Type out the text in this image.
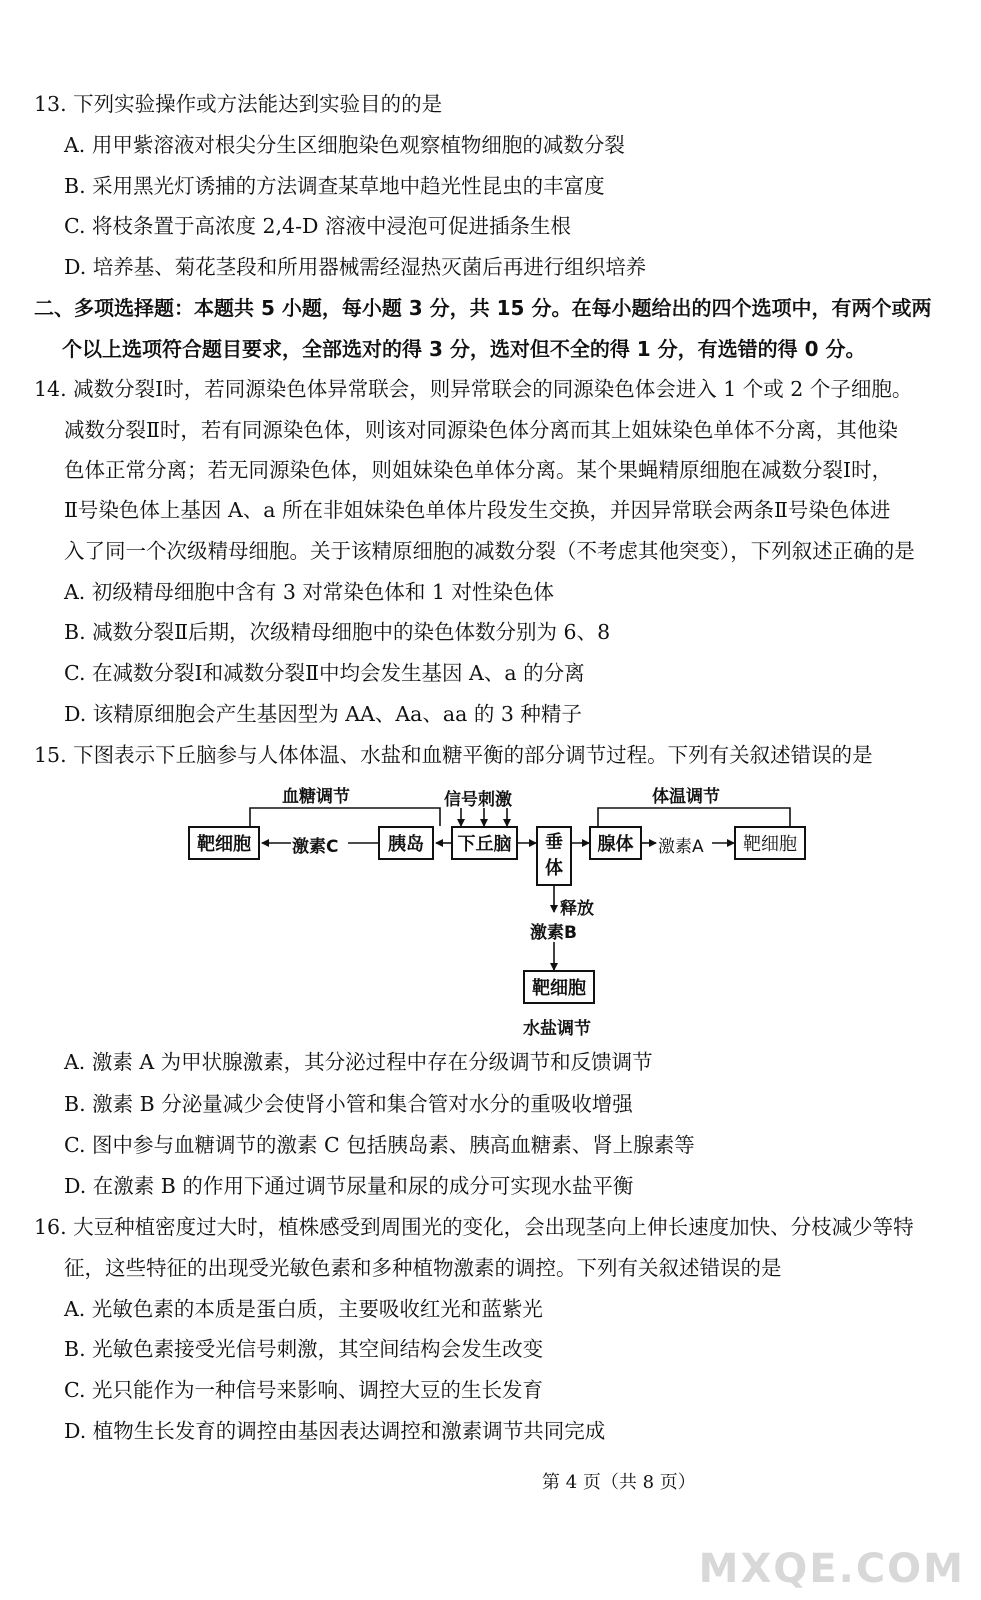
13. 下列实验操作或方法能达到实验目的的是
A. 用甲紫溶液对根尖分生区细胞染色观察植物细胞的减数分裂
B. 采用黑光灯诱捕的方法调查某草地中趋光性昆虫的丰富度
C. 将枝条置于高浓度 2,4-D 溶液中浸泡可促进插条生根
D. 培养基、菊花茎段和所用器械需经湿热灭菌后再进行组织培养
二、多项选择题：本题共 5 小题，每小题 3 分，共 15 分。在每小题给出的四个选项中，有两个或两
个以上选项符合题目要求，全部选对的得 3 分，选对但不全的得 1 分，有选错的得 0 分。
14. 减数分裂Ⅰ时，若同源染色体异常联会，则异常联会的同源染色体会进入 1 个或 2 个子细胞。
减数分裂Ⅱ时，若有同源染色体，则该对同源染色体分离而其上姐妹染色单体不分离，其他染
色体正常分离；若无同源染色体，则姐妹染色单体分离。某个果蝇精原细胞在减数分裂Ⅰ时，
Ⅱ号染色体上基因 A、a 所在非姐妹染色单体片段发生交换，并因异常联会两条Ⅱ号染色体进
入了同一个次级精母细胞。关于该精原细胞的减数分裂（不考虑其他突变），下列叙述正确的是
A. 初级精母细胞中含有 3 对常染色体和 1 对性染色体
B. 减数分裂Ⅱ后期，次级精母细胞中的染色体数分别为 6、8
C. 在减数分裂Ⅰ和减数分裂Ⅱ中均会发生基因 A、a 的分离
D. 该精原细胞会产生基因型为 AA、Aa、aa 的 3 种精子
15. 下图表示下丘脑参与人体体温、水盐和血糖平衡的部分调节过程。下列有关叙述错误的是
血糖调节	信号刺激	体温调节
靶细胞	激素C	胰岛	下丘脑	垂
体
腺体	激素A	靶细胞
释放
激素B
靶细胞
水盐调节
A. 激素 A 为甲状腺激素，其分泌过程中存在分级调节和反馈调节
B. 激素 B 分泌量减少会使肾小管和集合管对水分的重吸收增强
C. 图中参与血糖调节的激素 C 包括胰岛素、胰高血糖素、肾上腺素等
D. 在激素 B 的作用下通过调节尿量和尿的成分可实现水盐平衡
16. 大豆种植密度过大时，植株感受到周围光的变化，会出现茎向上伸长速度加快、分枝减少等特
征，这些特征的出现受光敏色素和多种植物激素的调控。下列有关叙述错误的是
A. 光敏色素的本质是蛋白质，主要吸收红光和蓝紫光
B. 光敏色素接受光信号刺激，其空间结构会发生改变
C. 光只能作为一种信号来影响、调控大豆的生长发育
D. 植物生长发育的调控由基因表达调控和激素调节共同完成
第 4 页（共 8 页）
MXQE.COM
